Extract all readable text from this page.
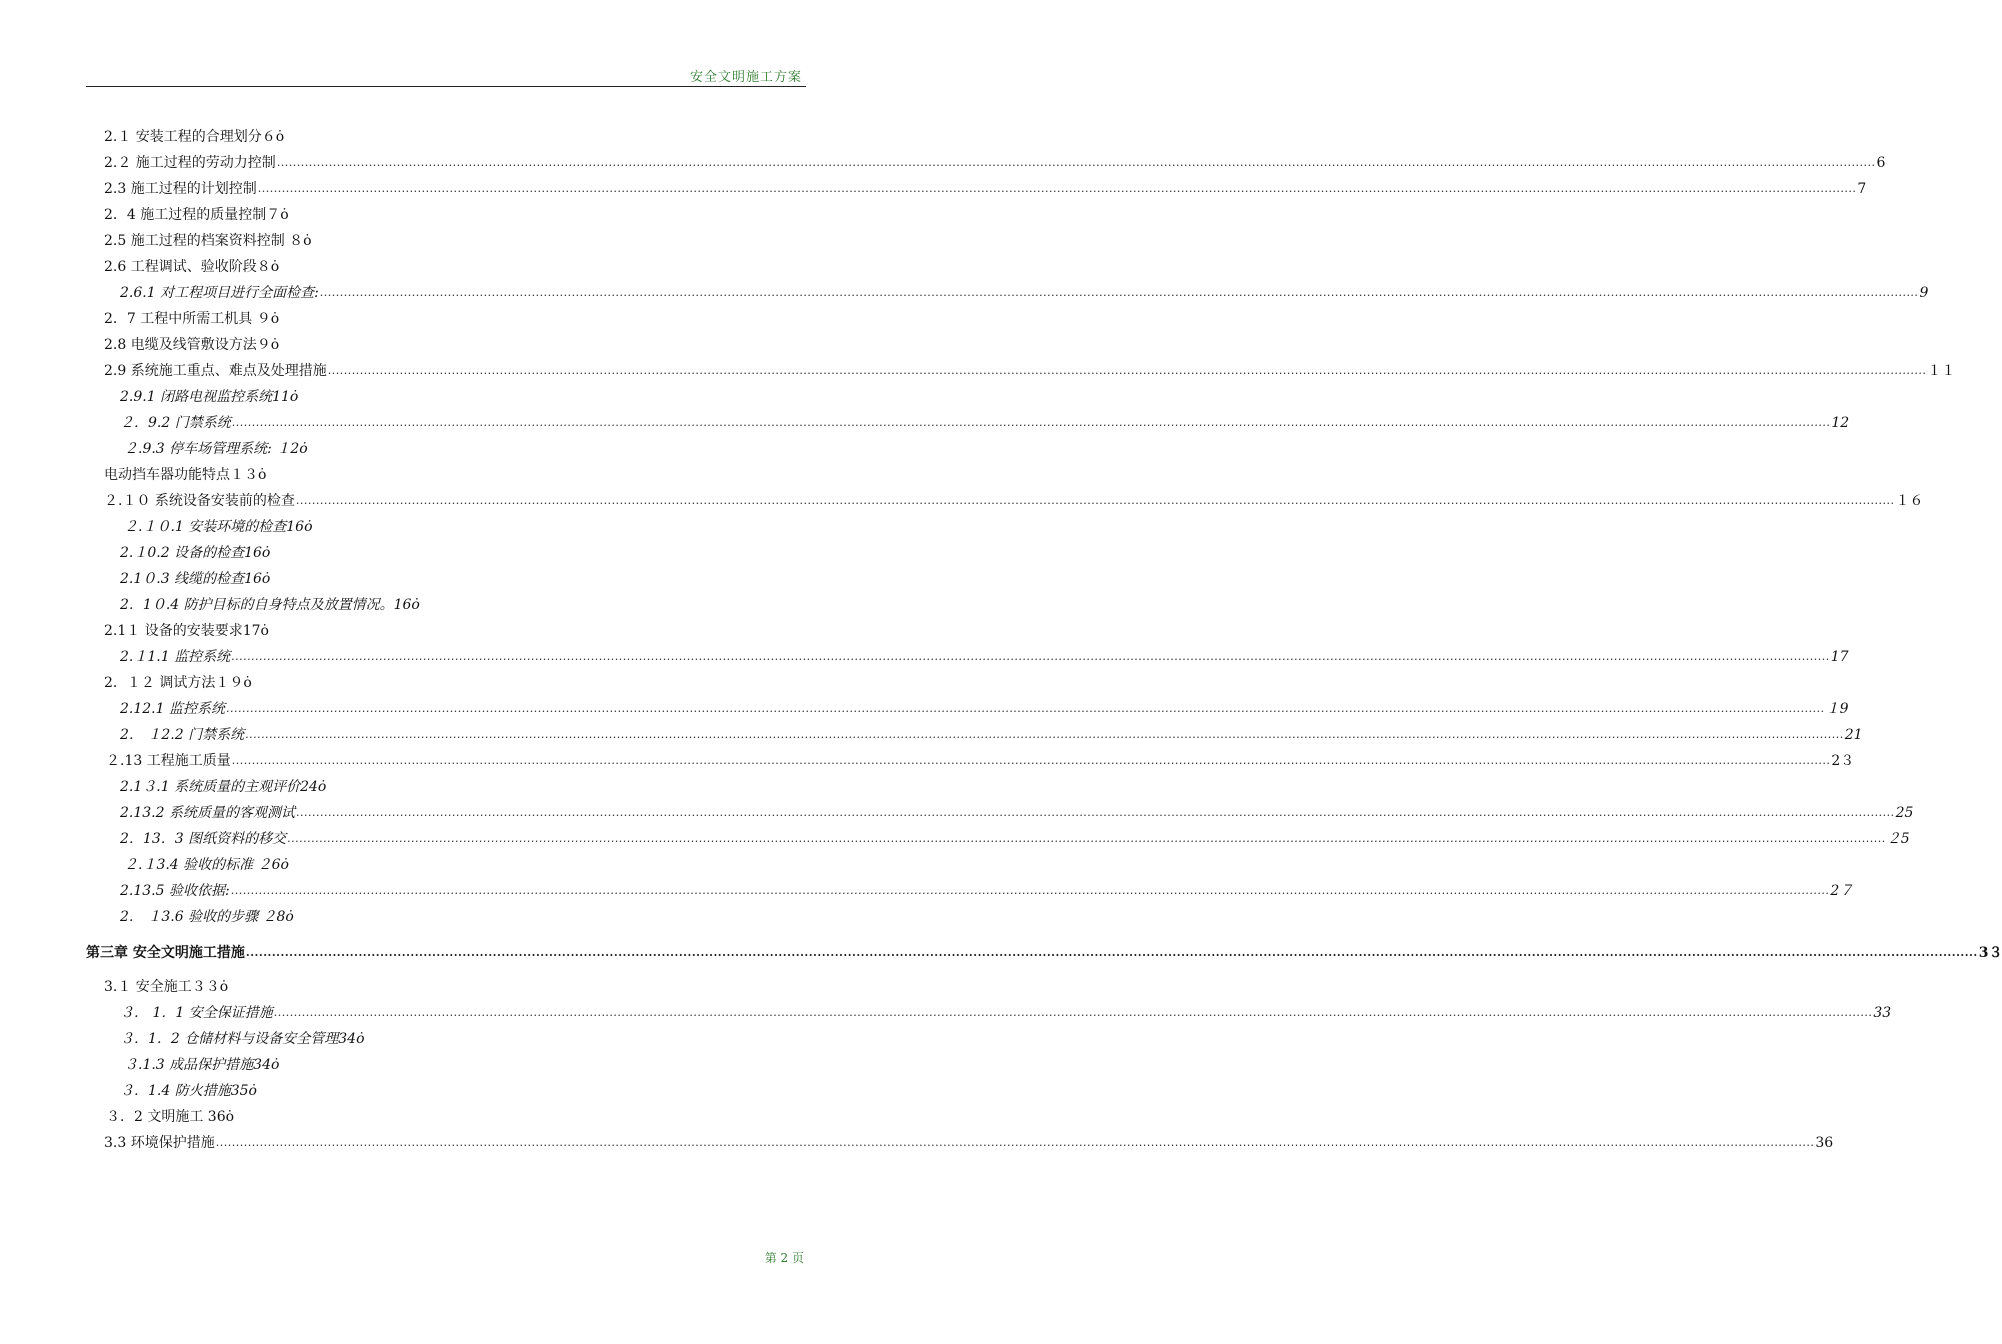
安全文明施工方案
2.１ 安装工程的合理划分６ȯ
2.２ 施工过程的劳动力控制 ................................................................................................................................................................................................................................................................................................................................................................................................................ 6
2.3 施工过程的计划控制 ................................................................................................................................................................................................................................................................................................................................................................................................................ 7
2．4 施工过程的质量控制７ȯ
2.5 施工过程的档案资料控制 ８ȯ
2.6 工程调试、验收阶段８ȯ
2.6.1 对工程项目进行全面检查: ................................................................................................................................................................................................................................................................................................................................................................................................................ 9
2．7 工程中所需工机具 ９ȯ
2.8 电缆及线管敷设方法９ȯ
2.9 系统施工重点、难点及处理措施 ................................................................................................................................................................................................................................................................................................................................................................................................................ １１
2.9.1 闭路电视监控系统11ȯ
２．9.2 门禁系统 ................................................................................................................................................................................................................................................................................................................................................................................................................ 12
２.9.3 停车场管理系统: １2ȯ
电动挡车器功能特点１３ȯ
２.１０ 系统设备安装前的检查 ................................................................................................................................................................................................................................................................................................................................................................................................................ １６
２.１０.1 安装环境的检查16ȯ
2.１0.2 设备的检查16ȯ
2.1０.3 线缆的检查16ȯ
2．1０.4 防护目标的自身特点及放置情况。16ȯ
2.1１ 设备的安装要求17ȯ
2.１1.1 监控系统 ................................................................................................................................................................................................................................................................................................................................................................................................................ 17
2．１２ 调试方法１９ȯ
2.12.1 监控系统 ................................................................................................................................................................................................................................................................................................................................................................................................................ １9
2． １2.2 门禁系统 ................................................................................................................................................................................................................................................................................................................................................................................................................ 21
２.13 工程施工质量 ................................................................................................................................................................................................................................................................................................................................................................................................................ 2３
2.1３.1 系统质量的主观评价24ȯ
2.13.2 系统质量的客观测试 ................................................................................................................................................................................................................................................................................................................................................................................................................ 25
2．13．3 图纸资料的移交 ................................................................................................................................................................................................................................................................................................................................................................................................................ ２5
２.１3.4 验收的标准 ２6ȯ
2.13.5 验收依据: ................................................................................................................................................................................................................................................................................................................................................................................................................ 2７
2． １3.6 验收的步骤 ２8ȯ
第三章 安全文明施工措施 ................................................................................................................................................................................................................................................................................................................................................................................................................ 3３
3.１ 安全施工３３ȯ
３． 1．1 安全保证措施 ................................................................................................................................................................................................................................................................................................................................................................................................................ 33
３．1．2 仓储材料与设备安全管理34ȯ
３.1.3 成品保护措施34ȯ
３．1.4 防火措施35ȯ
３．2 文明施工 36ȯ
3.3 环境保护措施 ................................................................................................................................................................................................................................................................................................................................................................................................................ 36
第 2 页
